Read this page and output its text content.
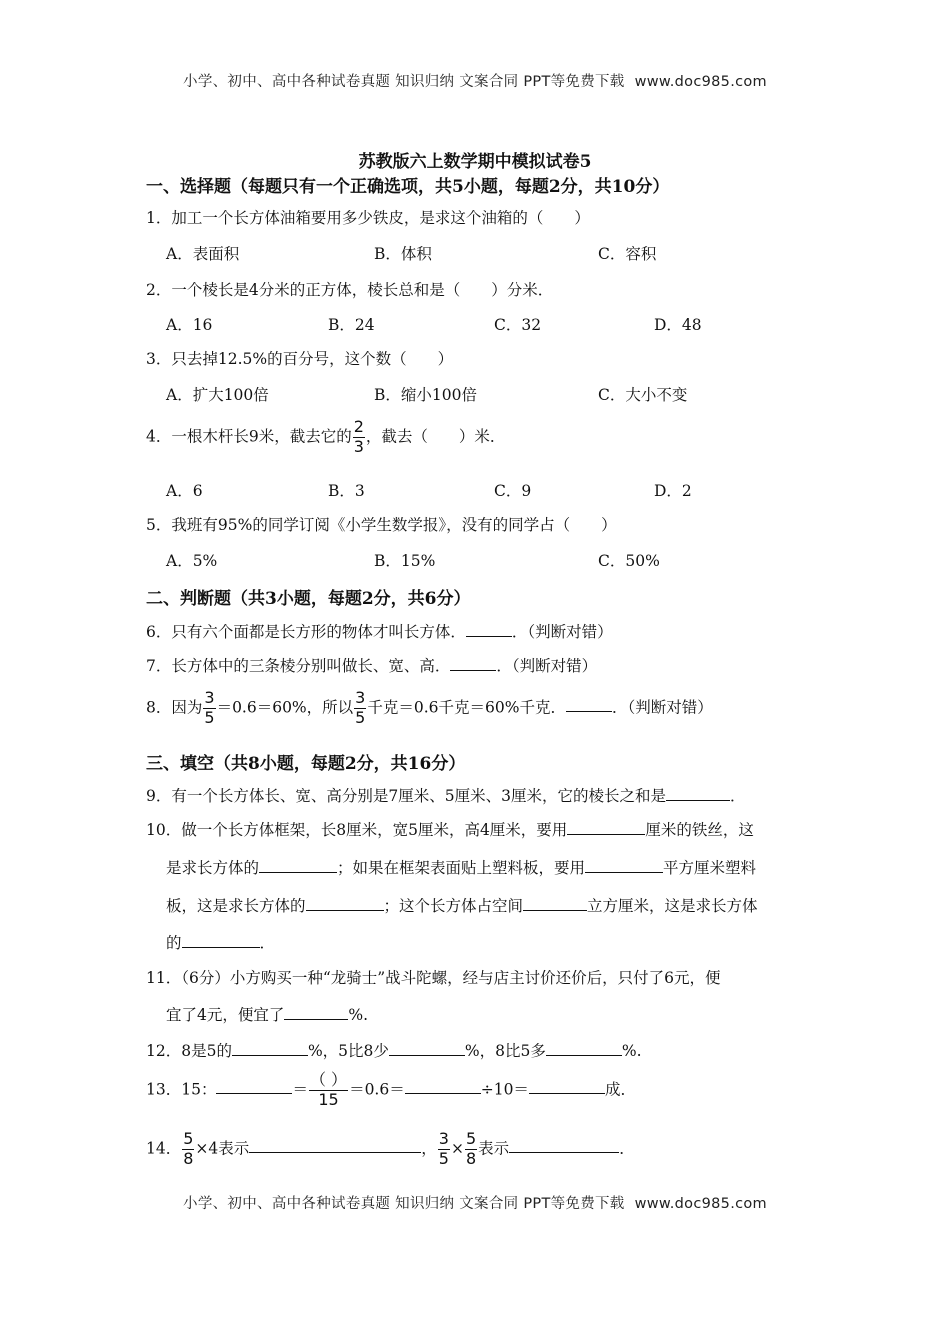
小学、初中、高中各种试卷真题 知识归纳 文案合同 PPT等免费下载 www.doc985.com
苏教版六上数学期中模拟试卷5
一、选择题（每题只有一个正确选项，共5小题，每题2分，共10分）
1．加工一个长方体油箱要用多少铁皮，是求这个油箱的（　　）
A．表面积	B．体积	C．容积
2．一个棱长是4分米的正方体，棱长总和是（　　）分米．
A．16	B．24	C．32	D．48
3．只去掉12.5%的百分号，这个数（　　）
A．扩大100倍	B．缩小100倍	C．大小不变
4．一根木杆长9米，截去它的 $\frac{2}{3}$ ，截去（　　）米．
A．6	B．3	C．9	D．2
5．我班有95%的同学订阅《小学生数学报》，没有的同学占（　　）
A．5%	B．15%	C．50%
二、判断题（共3小题，每题2分，共6分）
6．只有六个面都是长方形的物体才叫长方体．	．（判断对错）
7．长方体中的三条棱分别叫做长、宽、高．	．（判断对错）
8．因为 $\frac{3}{5} =0.6=60\%$，所以 $\frac{3}{5}$ 千克＝0.6千克＝60%千克．	．（判断对错）
三、填空（共8小题，每题2分，共16分）
9．有一个长方体长、宽、高分别是7厘米、5厘米、3厘米，它的棱长之和是	．
10．做一个长方体框架，长8厘米，宽5厘米，高4厘米，要用	厘米的铁丝，这
是求长方体的	；如果在框架表面贴上塑料板，要用	平方厘米塑料
板，这是求长方体的	；这个长方体占空间	立方厘米，这是求长方体
的	．
11．（6分）小方购买一种“龙骑士”战斗陀螺，经与店主讨价还价后，只付了6元，便
宜了4元，便宜了	%.
12．8是5的	%，5比8少	%，8比5多	%.
13．15：	＝ $\frac{( )}{15} =0.6=$	÷10＝	成．
14． $\frac{5}{8} \times 4$表示	， $\frac{3}{5} \times \frac{5}{8}$ 表示	．
小学、初中、高中各种试卷真题 知识归纳 文案合同 PPT等免费下载 www.doc985.com
